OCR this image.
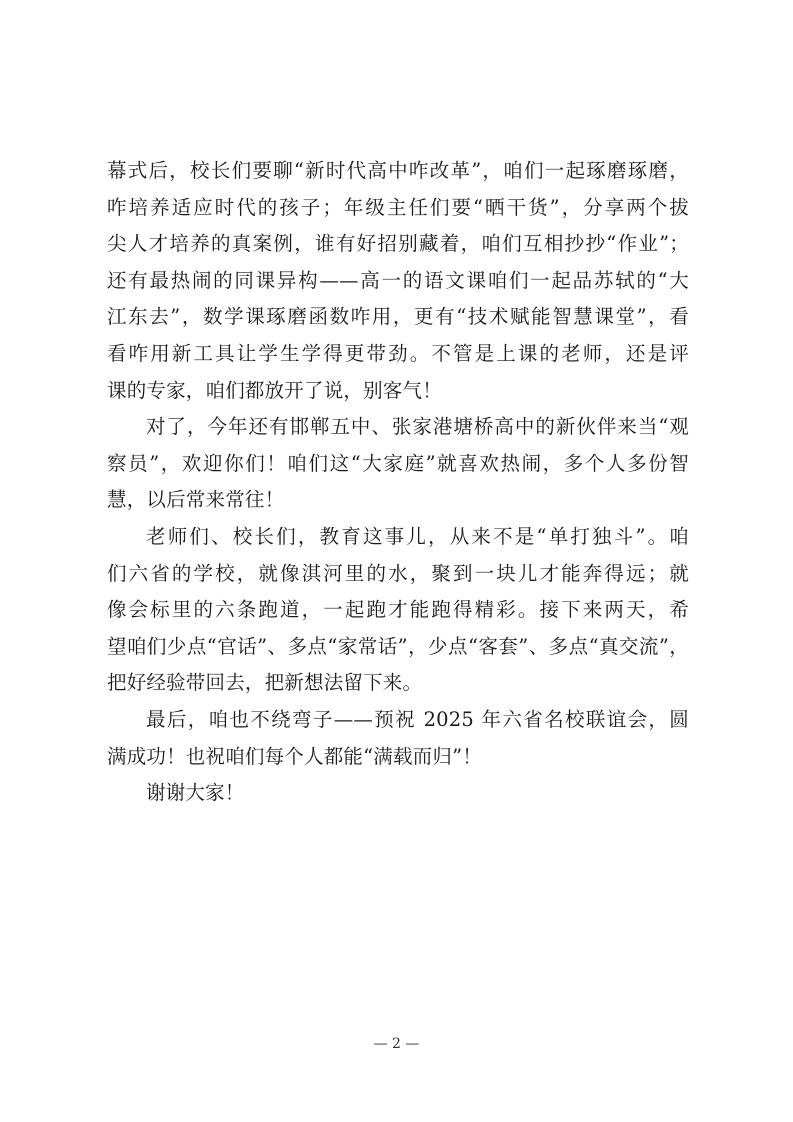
幕式后，校长们要聊“新时代高中咋改革”，咱们一起琢磨琢磨，
咋培养适应时代的孩子；年级主任们要“晒干货”，分享两个拔
尖人才培养的真案例，谁有好招别藏着，咱们互相抄抄“作业”；
还有最热闹的同课异构——高一的语文课咱们一起品苏轼的“大
江东去”，数学课琢磨函数咋用，更有“技术赋能智慧课堂”，看
看咋用新工具让学生学得更带劲。不管是上课的老师，还是评
课的专家，咱们都放开了说，别客气！
对了，今年还有邯郸五中、张家港塘桥高中的新伙伴来当“观
察员”，欢迎你们！咱们这“大家庭”就喜欢热闹，多个人多份智
慧，以后常来常往！
老师们、校长们，教育这事儿，从来不是“单打独斗”。咱
们六省的学校，就像淇河里的水，聚到一块儿才能奔得远；就
像会标里的六条跑道，一起跑才能跑得精彩。接下来两天，希
望咱们少点“官话”、多点“家常话”，少点“客套”、多点“真交流”，
把好经验带回去，把新想法留下来。
最后，咱也不绕弯子——预祝 2025 年六省名校联谊会，圆
满成功！也祝咱们每个人都能“满载而归”！
谢谢大家！
— 2 —
